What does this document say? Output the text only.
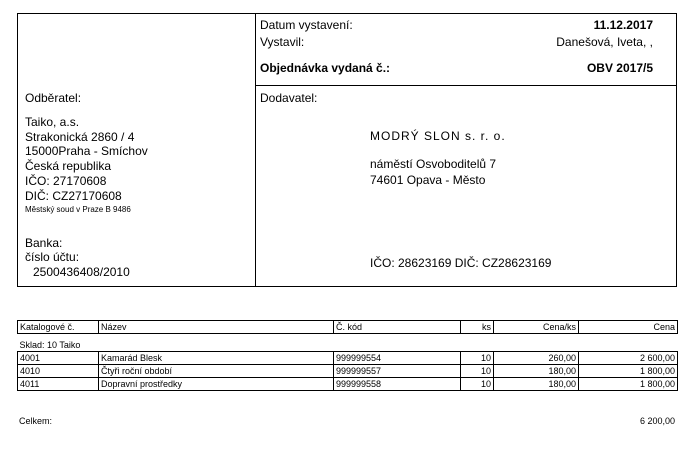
Datum vystavení:	11.12.2017
Vystavil:	Danešová, Iveta, ,
Objednávka vydaná č.:	OBV 2017/5
Odběratel:
Taiko, a.s.
Strakonická 2860 / 4
15000Praha - Smíchov
Česká republika
IČO: 27170608
DIČ: CZ27170608
Městský soud v Praze B 9486
Banka:
číslo účtu:
2500436408/2010
Dodavatel:
MODRÝ SLON s. r. o.
náměstí Osvoboditelů 7
74601 Opava - Město
IČO: 28623169 DIČ: CZ28623169
Katalogové č.	Název	Č. kód	ks	Cena/ks	Cena
Sklad: 10 Taiko					
4001	Kamarád Blesk	999999554	10	260,00	2 600,00
4010	Čtyři roční období	999999557	10	180,00	1 800,00
4011	Dopravní prostředky	999999558	10	180,00	1 800,00
Celkem:	6 200,00
